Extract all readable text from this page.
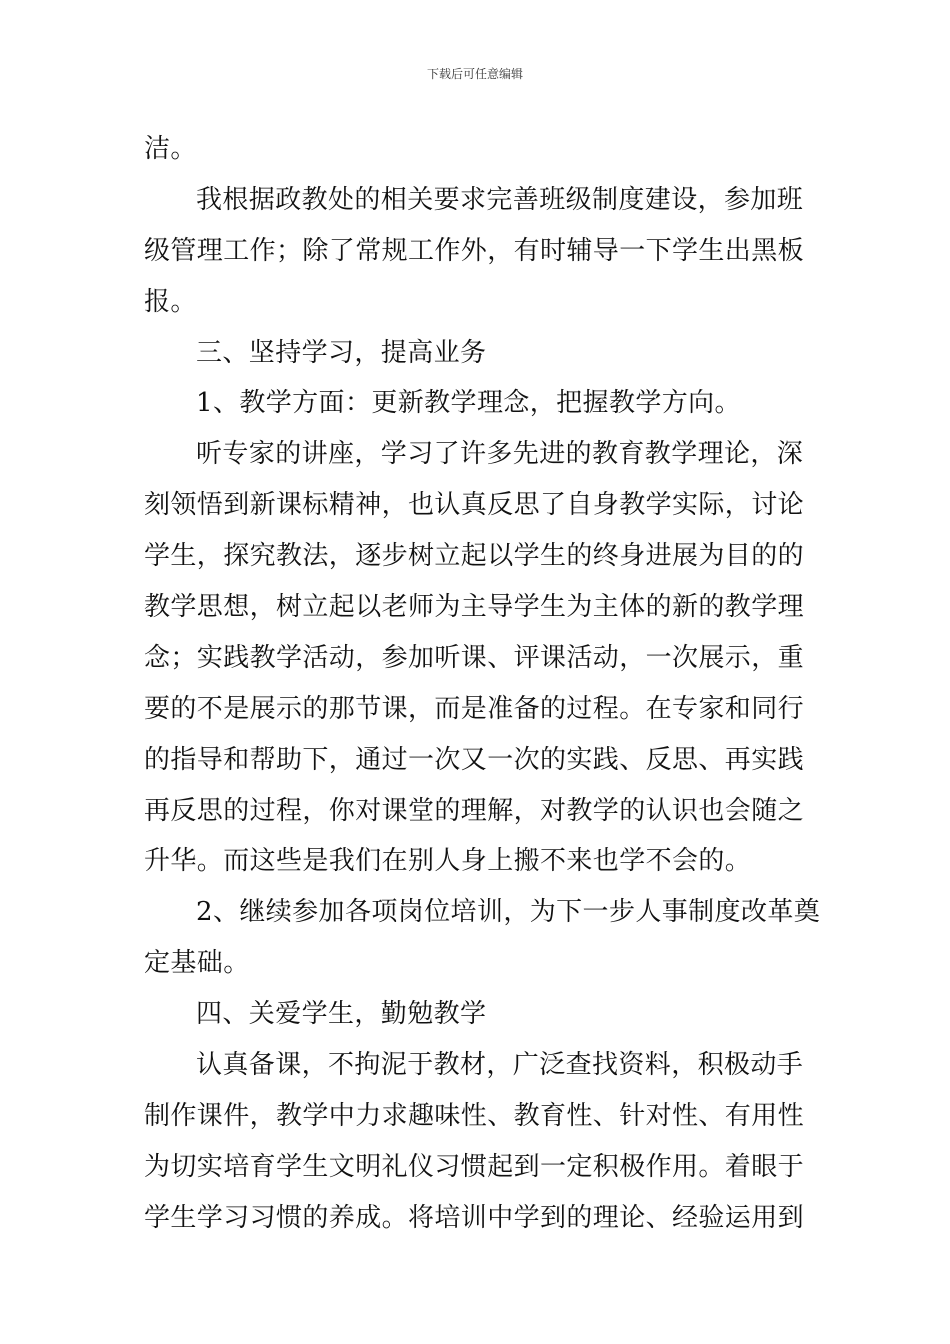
下载后可任意编辑
洁。
我根据政教处的相关要求完善班级制度建设，参加班
级管理工作；除了常规工作外，有时辅导一下学生出黑板
报。
三、坚持学习，提高业务
1、教学方面：更新教学理念，把握教学方向。
听专家的讲座，学习了许多先进的教育教学理论，深
刻领悟到新课标精神，也认真反思了自身教学实际，讨论
学生，探究教法，逐步树立起以学生的终身进展为目的的
教学思想，树立起以老师为主导学生为主体的新的教学理
念；实践教学活动，参加听课、评课活动，一次展示，重
要的不是展示的那节课，而是准备的过程。在专家和同行
的指导和帮助下，通过一次又一次的实践、反思、再实践
再反思的过程，你对课堂的理解，对教学的认识也会随之
升华。而这些是我们在别人身上搬不来也学不会的。
2、继续参加各项岗位培训，为下一步人事制度改革奠
定基础。
四、关爱学生，勤勉教学
认真备课，不拘泥于教材，广泛查找资料，积极动手
制作课件，教学中力求趣味性、教育性、针对性、有用性
为切实培育学生文明礼仪习惯起到一定积极作用。着眼于
学生学习习惯的养成。将培训中学到的理论、经验运用到
